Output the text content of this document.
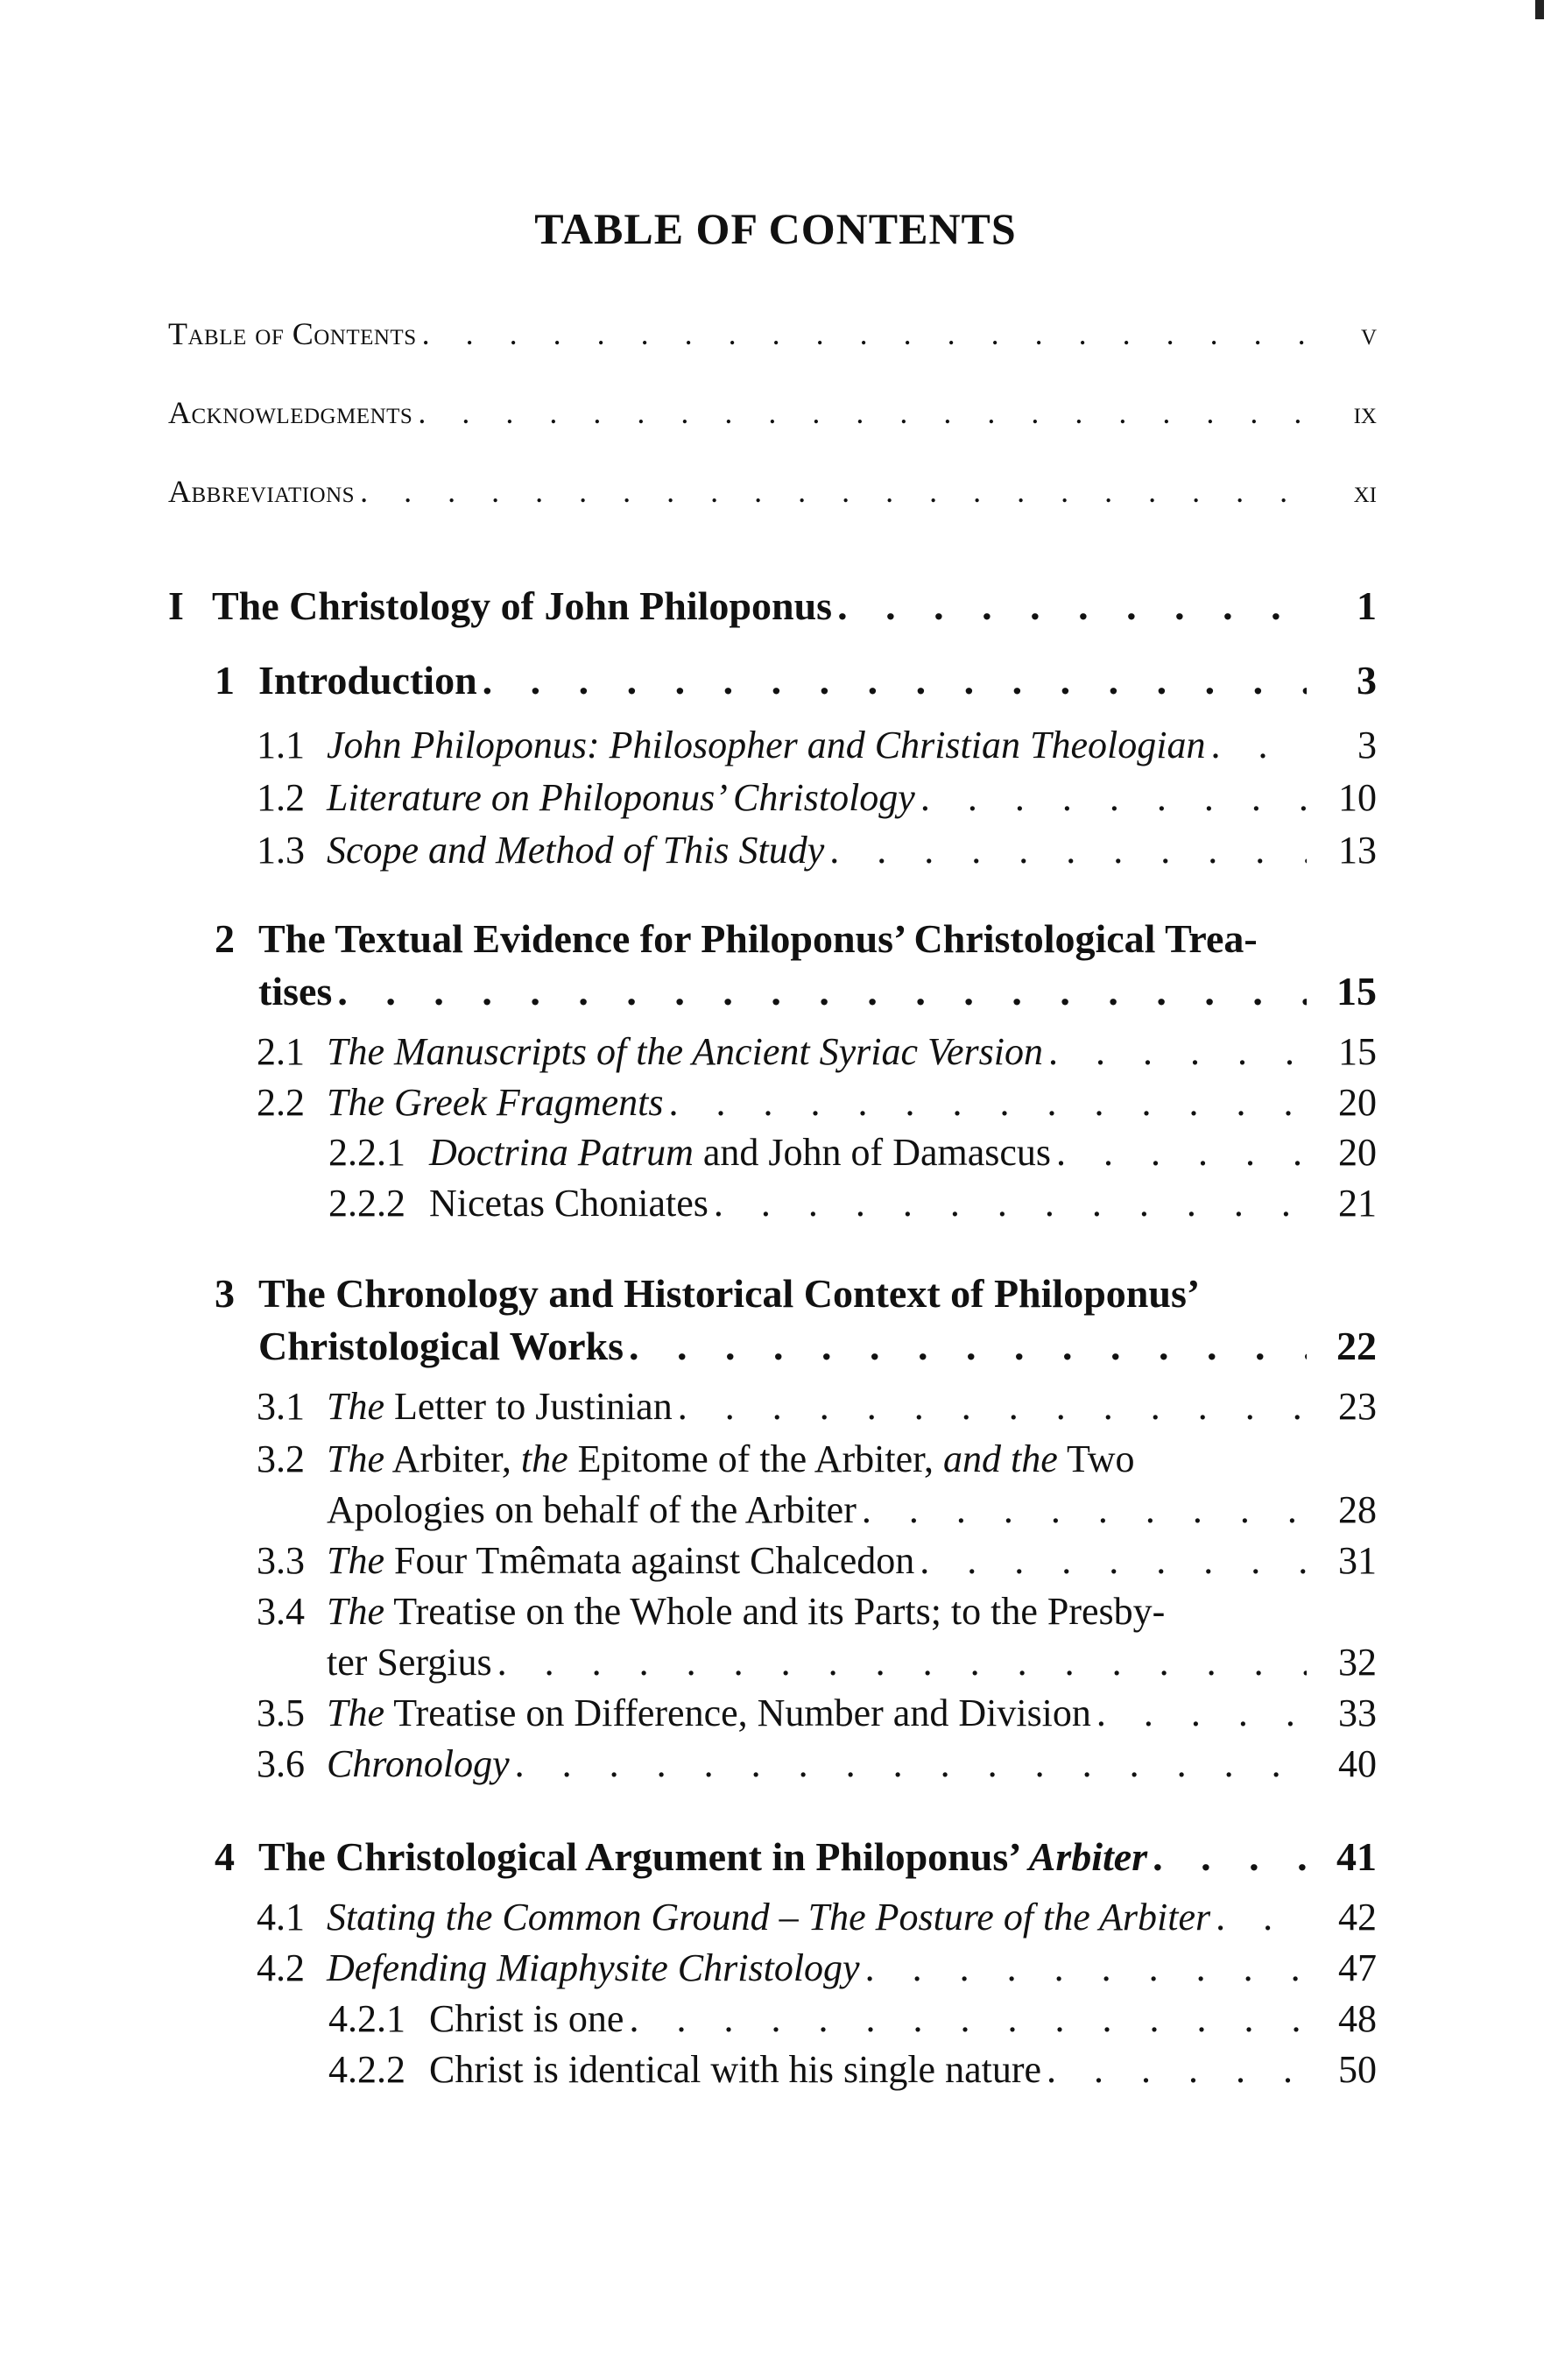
TABLE OF CONTENTS
Table of Contents . . .	v
Acknowledgments . . .	ix
Abbreviations . . .	xi
I The Christology of John Philoponus . . .	1
1 Introduction . . .	3
1.1 John Philoponus: Philosopher and Christian Theologian . . .	3
1.2 Literature on Philoponus’ Christology . . .	10
1.3 Scope and Method of This Study . . .	13
2 The Textual Evidence for Philoponus’ Christological Trea-
tises . . .	15
2.1 The Manuscripts of the Ancient Syriac Version . . .	15
2.2 The Greek Fragments . . .	20
2.2.1 Doctrina Patrum and John of Damascus . . .	20
2.2.2 Nicetas Choniates . . .	21
3 The Chronology and Historical Context of Philoponus’
Christological Works . . .	22
3.1 The Letter to Justinian . . .	23
3.2 The Arbiter, the Epitome of the Arbiter, and the Two
Apologies on behalf of the Arbiter . . .	28
3.3 The Four Tmêmata against Chalcedon . . .	31
3.4 The Treatise on the Whole and its Parts; to the Presby-
ter Sergius . . .	32
3.5 The Treatise on Difference, Number and Division . . .	33
3.6 Chronology . . .	40
4 The Christological Argument in Philoponus’ Arbiter . . .	41
4.1 Stating the Common Ground – The Posture of the Arbiter . . .	42
4.2 Defending Miaphysite Christology . . .	47
4.2.1 Christ is one . . .	48
4.2.2 Christ is identical with his single nature . . .	50
